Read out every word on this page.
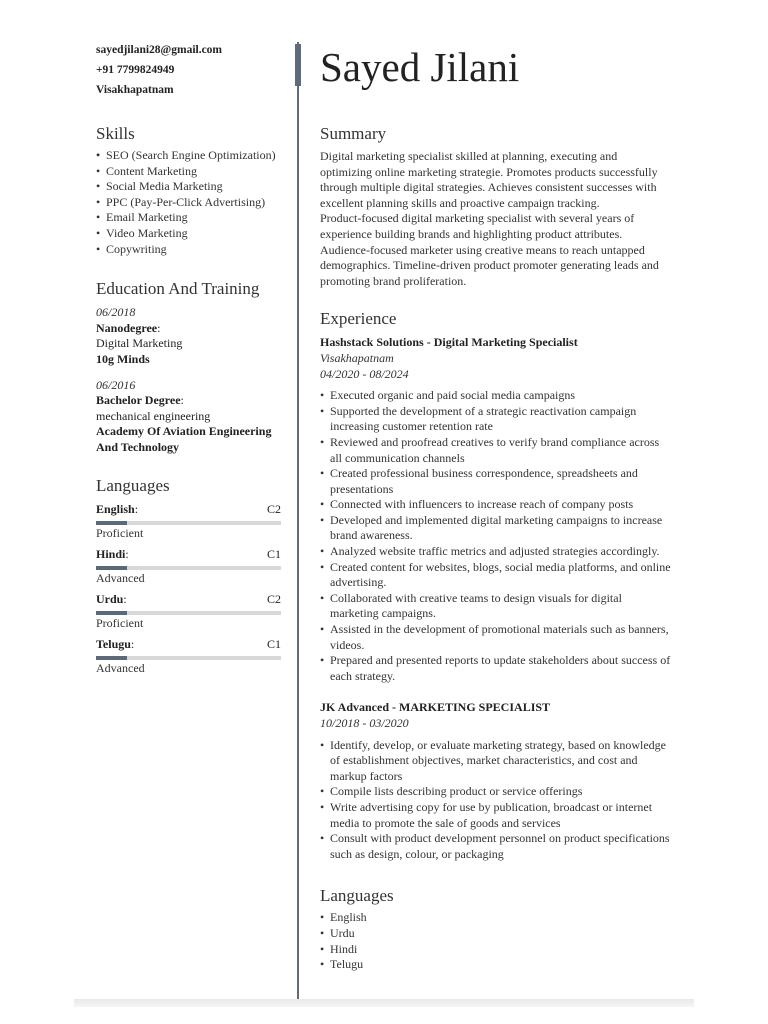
sayedjilani28@gmail.com
+91 7799824949
Visakhapatnam
Skills
• SEO (Search Engine Optimization)
• Content Marketing
• Social Media Marketing
• PPC (Pay-Per-Click Advertising)
• Email Marketing
• Video Marketing
• Copywriting
Education And Training
06/2018
Nanodegree:
Digital Marketing
10g Minds
06/2016
Bachelor Degree:
mechanical engineering
Academy Of Aviation Engineering And Technology
Languages
English:	C2
Proficient
Hindi:	C1
Advanced
Urdu:	C2
Proficient
Telugu:	C1
Advanced
Sayed Jilani
Summary
Digital marketing specialist skilled at planning, executing and optimizing online marketing strategie. Promotes products successfully through multiple digital strategies. Achieves consistent successes with excellent planning skills and proactive campaign tracking.
Product-focused digital marketing specialist with several years of experience building brands and highlighting product attributes. Audience-focused marketer using creative means to reach untapped demographics. Timeline-driven product promoter generating leads and promoting brand proliferation.
Experience
Hashstack Solutions - Digital Marketing Specialist
Visakhapatnam
04/2020 - 08/2024
• Executed organic and paid social media campaigns
• Supported the development of a strategic reactivation campaign increasing customer retention rate
• Reviewed and proofread creatives to verify brand compliance across all communication channels
• Created professional business correspondence, spreadsheets and presentations
• Connected with influencers to increase reach of company posts
• Developed and implemented digital marketing campaigns to increase brand awareness.
• Analyzed website traffic metrics and adjusted strategies accordingly.
• Created content for websites, blogs, social media platforms, and online advertising.
• Collaborated with creative teams to design visuals for digital marketing campaigns.
• Assisted in the development of promotional materials such as banners, videos.
• Prepared and presented reports to update stakeholders about success of each strategy.
JK Advanced - MARKETING SPECIALIST
10/2018 - 03/2020
• Identify, develop, or evaluate marketing strategy, based on knowledge of establishment objectives, market characteristics, and cost and markup factors
• Compile lists describing product or service offerings
• Write advertising copy for use by publication, broadcast or internet media to promote the sale of goods and services
• Consult with product development personnel on product specifications such as design, colour, or packaging
Languages
• English
• Urdu
• Hindi
• Telugu
